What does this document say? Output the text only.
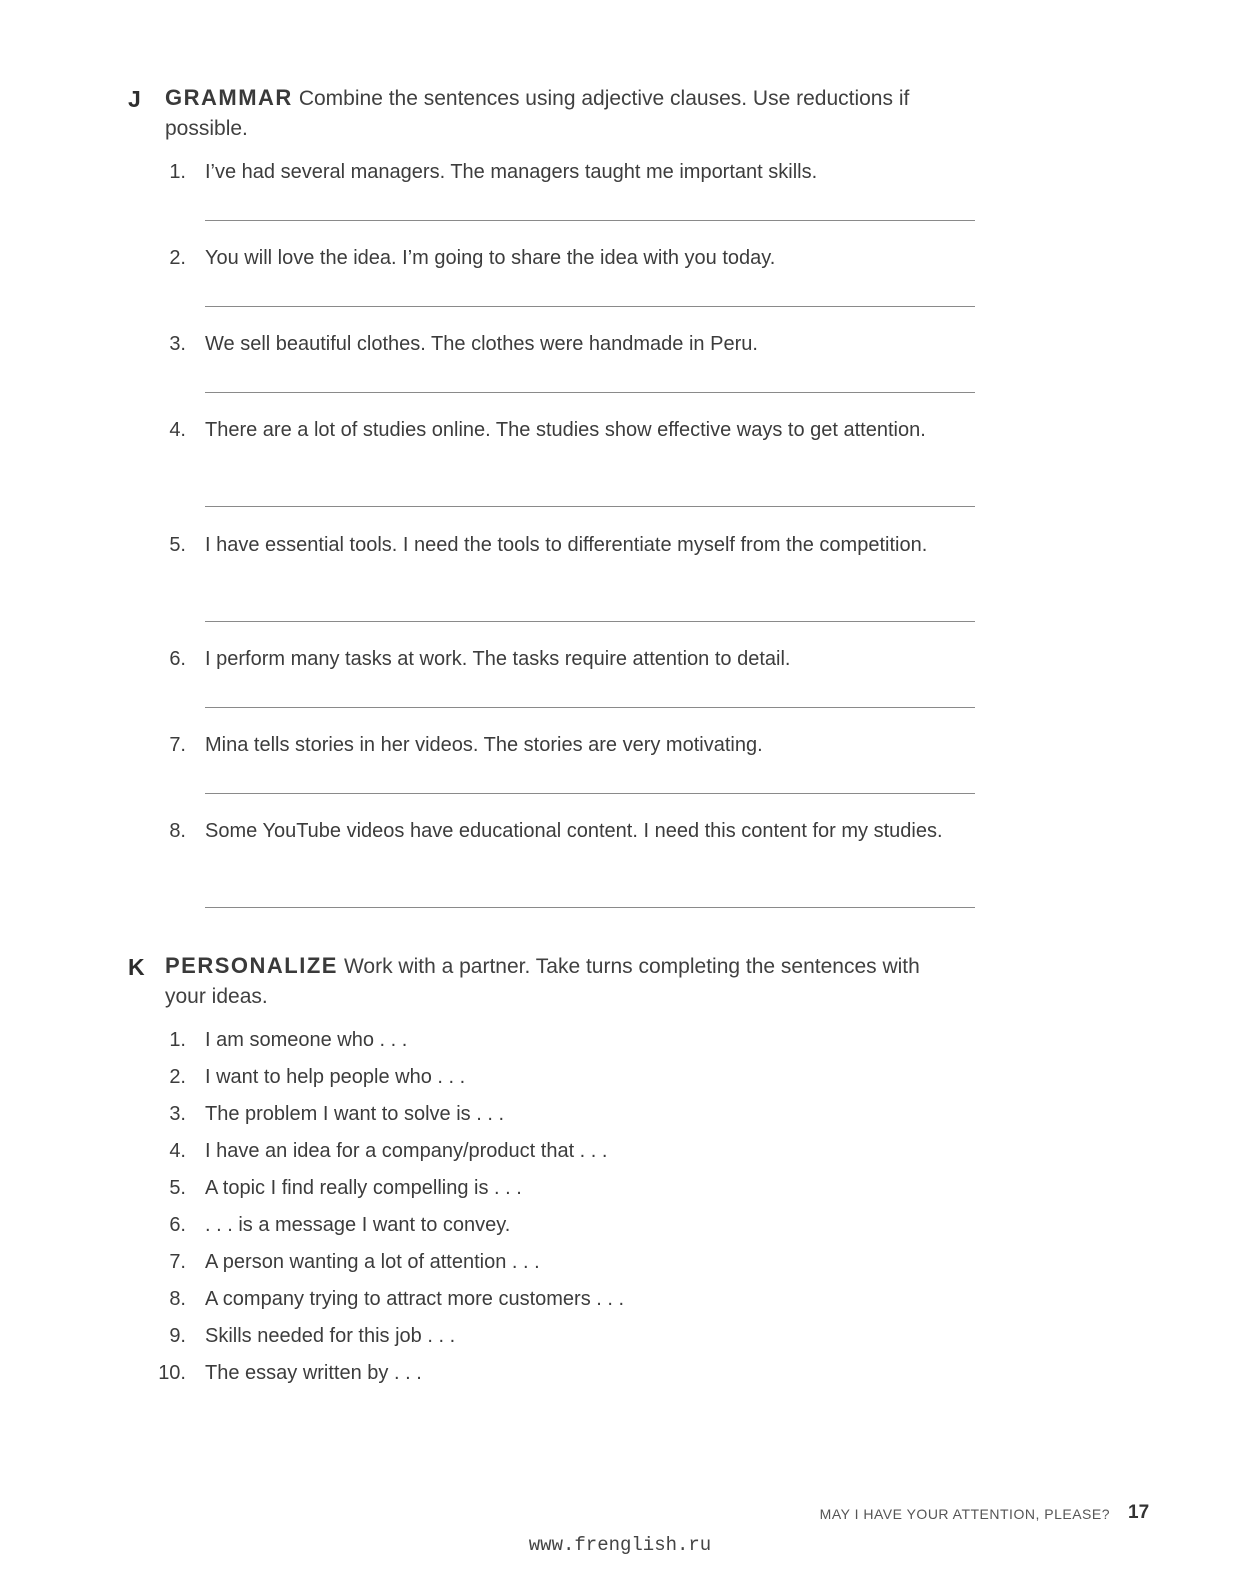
J GRAMMAR Combine the sentences using adjective clauses. Use reductions if possible.
1. I’ve had several managers. The managers taught me important skills.
2. You will love the idea. I’m going to share the idea with you today.
3. We sell beautiful clothes. The clothes were handmade in Peru.
4. There are a lot of studies online. The studies show effective ways to get attention.
5. I have essential tools. I need the tools to differentiate myself from the competition.
6. I perform many tasks at work. The tasks require attention to detail.
7. Mina tells stories in her videos. The stories are very motivating.
8. Some YouTube videos have educational content. I need this content for my studies.
K PERSONALIZE Work with a partner. Take turns completing the sentences with your ideas.
1. I am someone who . . .
2. I want to help people who . . .
3. The problem I want to solve is . . .
4. I have an idea for a company/product that . . .
5. A topic I find really compelling is . . .
6. . . . is a message I want to convey.
7. A person wanting a lot of attention . . .
8. A company trying to attract more customers . . .
9. Skills needed for this job . . .
10. The essay written by . . .
MAY I HAVE YOUR ATTENTION, PLEASE? 17
www.frenglish.ru
